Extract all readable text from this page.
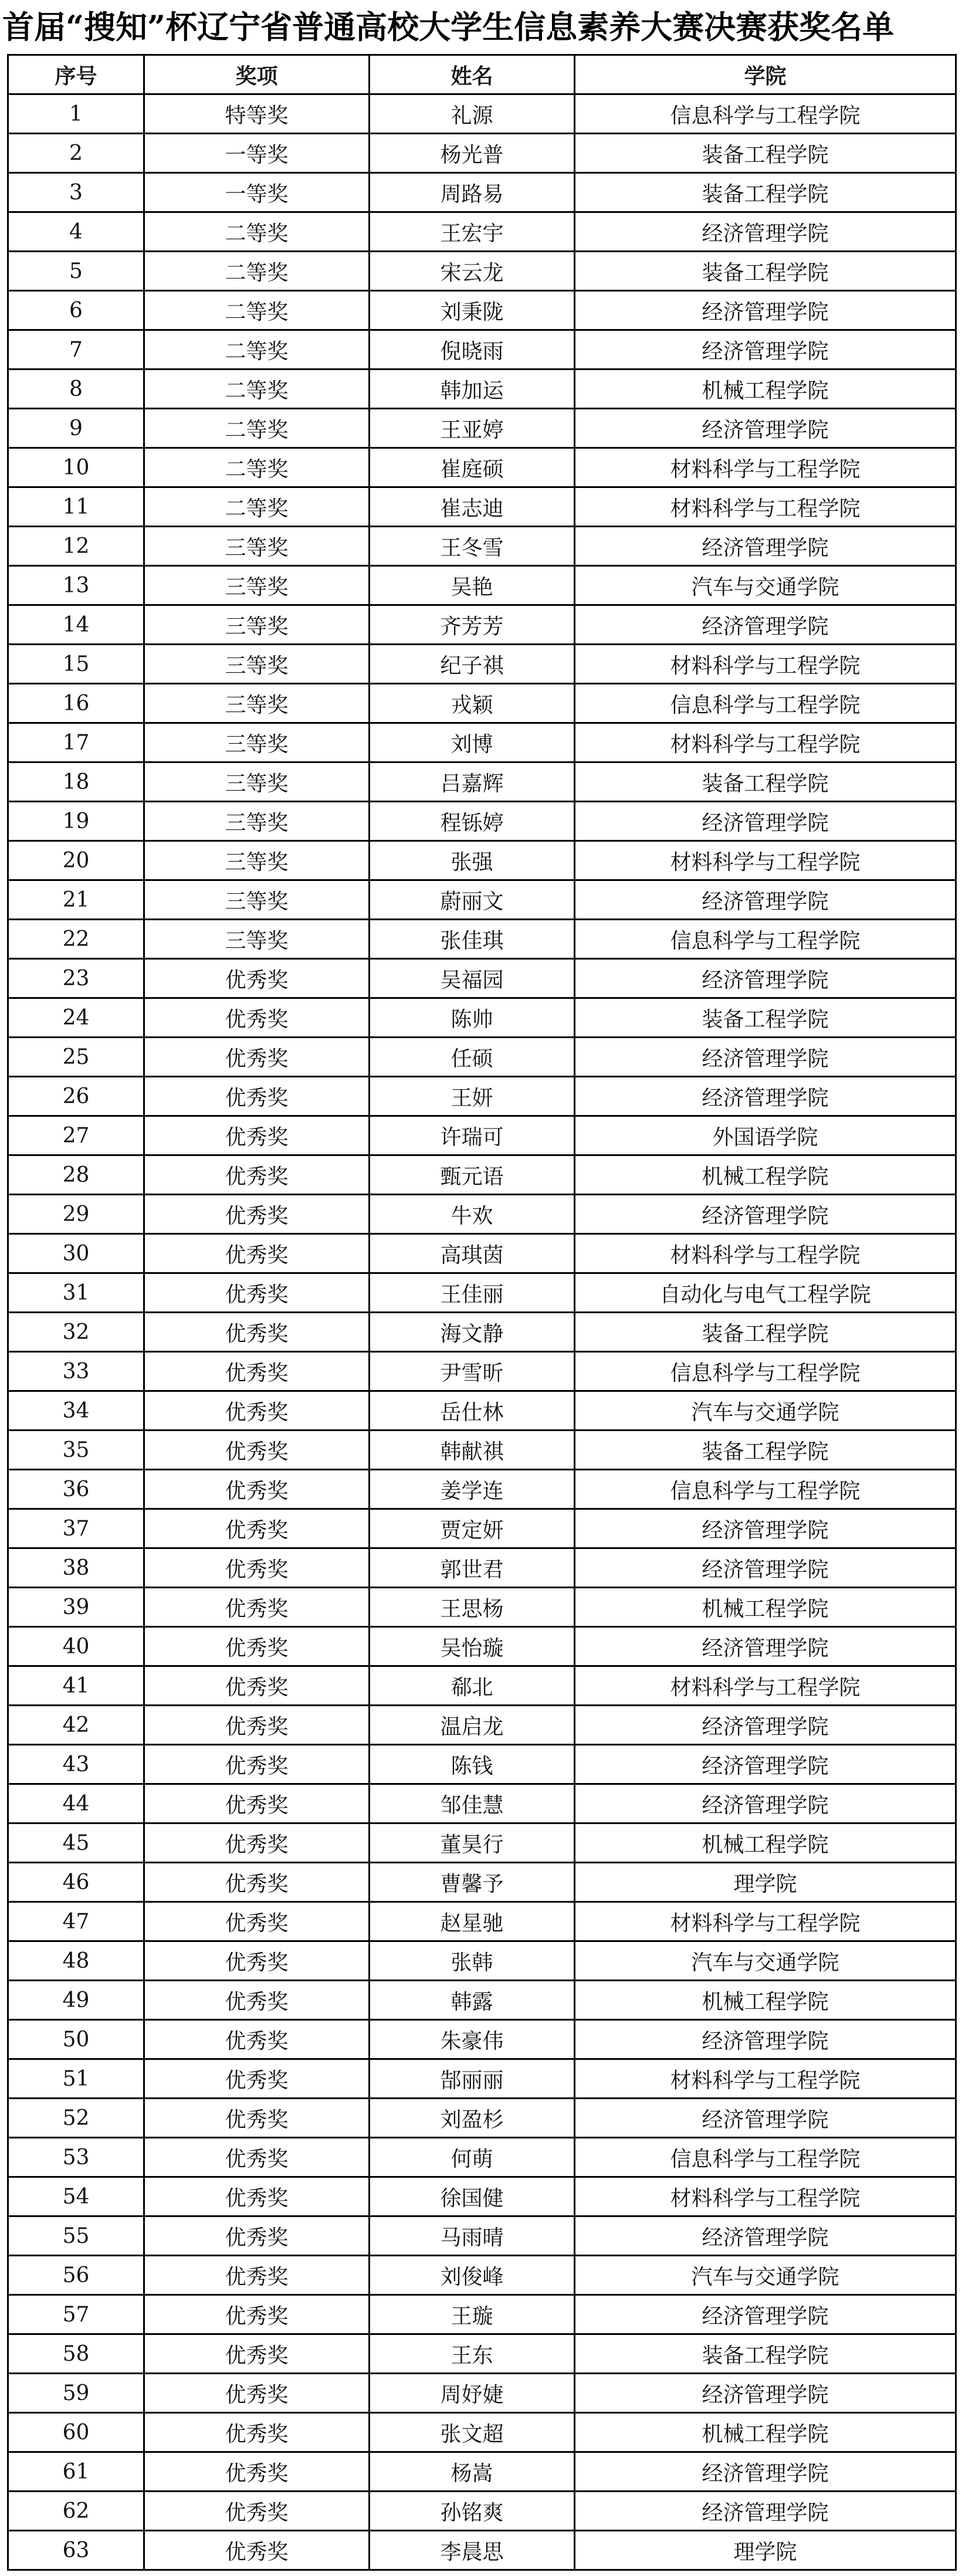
首届“搜知”杯辽宁省普通高校大学生信息素养大赛决赛获奖名单
序号	奖项	姓名	学院
1	特等奖	礼源	信息科学与工程学院
2	一等奖	杨光普	装备工程学院
3	一等奖	周路易	装备工程学院
4	二等奖	王宏宇	经济管理学院
5	二等奖	宋云龙	装备工程学院
6	二等奖	刘秉陇	经济管理学院
7	二等奖	倪晓雨	经济管理学院
8	二等奖	韩加运	机械工程学院
9	二等奖	王亚婷	经济管理学院
10	二等奖	崔庭硕	材料科学与工程学院
11	二等奖	崔志迪	材料科学与工程学院
12	三等奖	王冬雪	经济管理学院
13	三等奖	吴艳	汽车与交通学院
14	三等奖	齐芳芳	经济管理学院
15	三等奖	纪子祺	材料科学与工程学院
16	三等奖	戎颖	信息科学与工程学院
17	三等奖	刘博	材料科学与工程学院
18	三等奖	吕嘉辉	装备工程学院
19	三等奖	程铄婷	经济管理学院
20	三等奖	张强	材料科学与工程学院
21	三等奖	蔚丽文	经济管理学院
22	三等奖	张佳琪	信息科学与工程学院
23	优秀奖	吴福园	经济管理学院
24	优秀奖	陈帅	装备工程学院
25	优秀奖	任硕	经济管理学院
26	优秀奖	王妍	经济管理学院
27	优秀奖	许瑞可	外国语学院
28	优秀奖	甄元语	机械工程学院
29	优秀奖	牛欢	经济管理学院
30	优秀奖	高琪茵	材料科学与工程学院
31	优秀奖	王佳丽	自动化与电气工程学院
32	优秀奖	海文静	装备工程学院
33	优秀奖	尹雪昕	信息科学与工程学院
34	优秀奖	岳仕林	汽车与交通学院
35	优秀奖	韩献祺	装备工程学院
36	优秀奖	姜学连	信息科学与工程学院
37	优秀奖	贾定妍	经济管理学院
38	优秀奖	郭世君	经济管理学院
39	优秀奖	王思杨	机械工程学院
40	优秀奖	吴怡璇	经济管理学院
41	优秀奖	郗北	材料科学与工程学院
42	优秀奖	温启龙	经济管理学院
43	优秀奖	陈钱	经济管理学院
44	优秀奖	邹佳慧	经济管理学院
45	优秀奖	董昊行	机械工程学院
46	优秀奖	曹馨予	理学院
47	优秀奖	赵星驰	材料科学与工程学院
48	优秀奖	张韩	汽车与交通学院
49	优秀奖	韩露	机械工程学院
50	优秀奖	朱豪伟	经济管理学院
51	优秀奖	郜丽丽	材料科学与工程学院
52	优秀奖	刘盈杉	经济管理学院
53	优秀奖	何萌	信息科学与工程学院
54	优秀奖	徐国健	材料科学与工程学院
55	优秀奖	马雨晴	经济管理学院
56	优秀奖	刘俊峰	汽车与交通学院
57	优秀奖	王璇	经济管理学院
58	优秀奖	王东	装备工程学院
59	优秀奖	周妤婕	经济管理学院
60	优秀奖	张文超	机械工程学院
61	优秀奖	杨嵩	经济管理学院
62	优秀奖	孙铭爽	经济管理学院
63	优秀奖	李晨思	理学院
